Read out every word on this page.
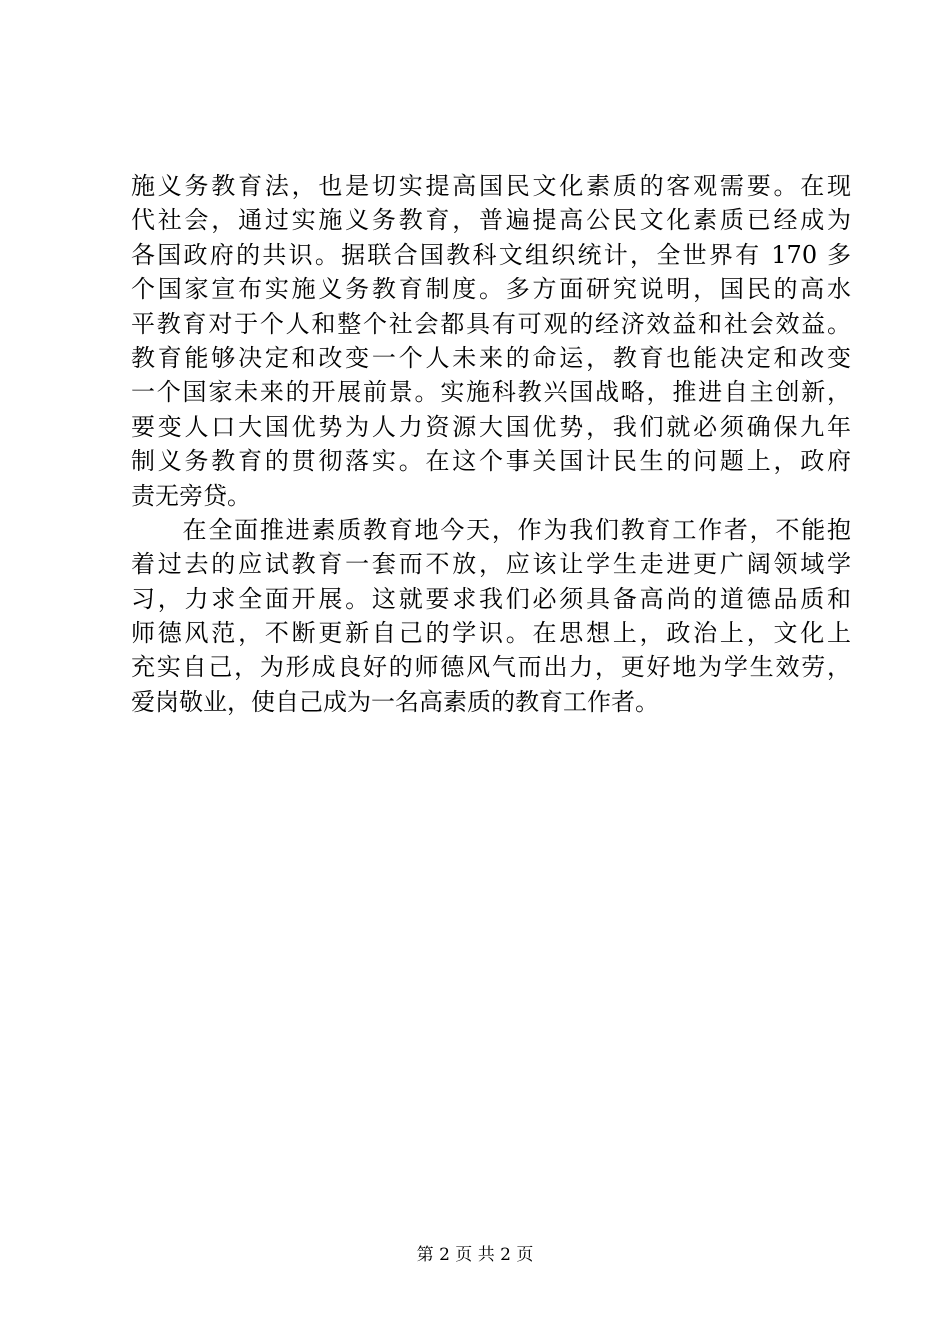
施义务教育法，也是切实提高国民文化素质的客观需要。在现
代社会，通过实施义务教育，普遍提高公民文化素质已经成为
各国政府的共识。据联合国教科文组织统计，全世界有 170 多
个国家宣布实施义务教育制度。多方面研究说明，国民的高水
平教育对于个人和整个社会都具有可观的经济效益和社会效益。
教育能够决定和改变一个人未来的命运，教育也能决定和改变
一个国家未来的开展前景。实施科教兴国战略，推进自主创新，
要变人口大国优势为人力资源大国优势，我们就必须确保九年
制义务教育的贯彻落实。在这个事关国计民生的问题上，政府
责无旁贷。
　　在全面推进素质教育地今天，作为我们教育工作者，不能抱
着过去的应试教育一套而不放，应该让学生走进更广阔领域学
习，力求全面开展。这就要求我们必须具备高尚的道德品质和
师德风范，不断更新自己的学识。在思想上，政治上，文化上
充实自己，为形成良好的师德风气而出力，更好地为学生效劳，
爱岗敬业，使自己成为一名高素质的教育工作者。
第 2 页 共 2 页
